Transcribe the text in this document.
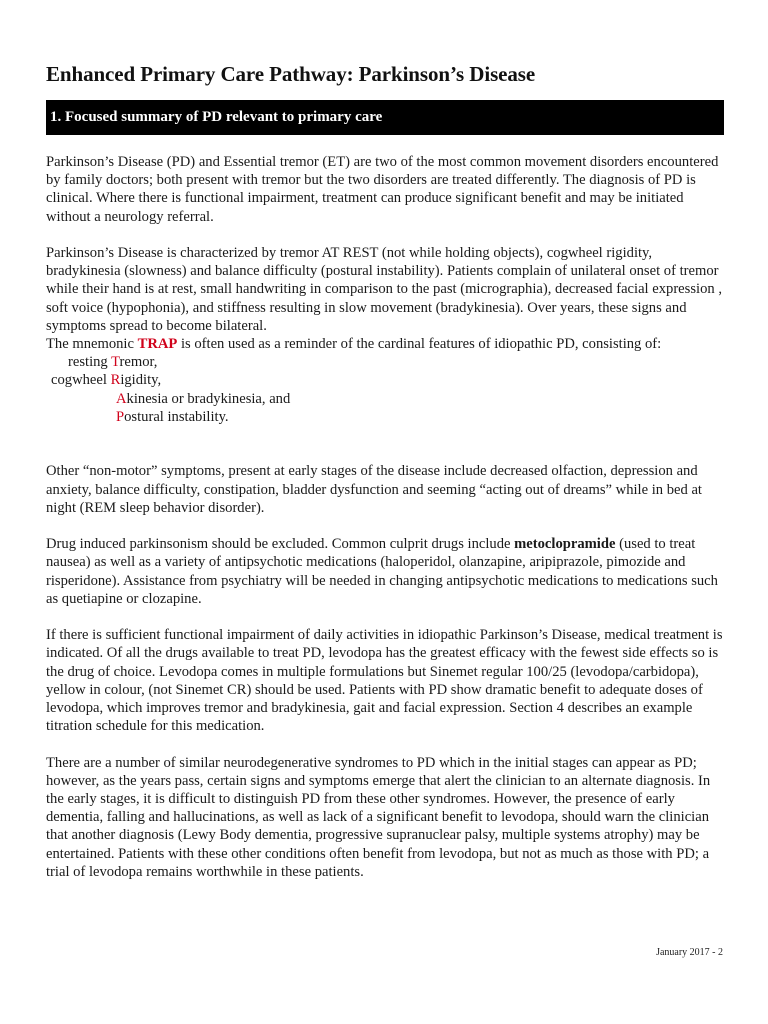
Enhanced Primary Care Pathway: Parkinson’s Disease
1. Focused summary of PD relevant to primary care

Parkinson’s Disease (PD) and Essential tremor (ET) are two of the most common movement disorders encountered by family doctors; both present with tremor but the two disorders are treated differently. The diagnosis of PD is clinical. Where there is functional impairment, treatment can produce significant benefit and may be initiated without a neurology referral.

Parkinson’s Disease is characterized by tremor AT REST (not while holding objects), cogwheel rigidity, bradykinesia (slowness) and balance difficulty (postural instability). Patients complain of unilateral onset of tremor while their hand is at rest, small handwriting in comparison to the past (micrographia), decreased facial expression , soft voice (hypophonia), and stiffness resulting in slow movement (bradykinesia). Over years, these signs and symptoms spread to become bilateral.
The mnemonic TRAP is often used as a reminder of the cardinal features of idiopathic PD, consisting of:
resting Tremor,
cogwheel Rigidity,
Akinesia or bradykinesia, and
Postural instability.

Other “non-motor” symptoms, present at early stages of the disease include decreased olfaction, depression and anxiety, balance difficulty, constipation, bladder dysfunction and seeming “acting out of dreams” while in bed at night (REM sleep behavior disorder).

Drug induced parkinsonism should be excluded. Common culprit drugs include metoclopramide (used to treat nausea) as well as a variety of antipsychotic medications (haloperidol, olanzapine, aripiprazole, pimozide and risperidone). Assistance from psychiatry will be needed in changing antipsychotic medications to medications such as quetiapine or clozapine.

If there is sufficient functional impairment of daily activities in idiopathic Parkinson’s Disease, medical treatment is indicated. Of all the drugs available to treat PD, levodopa has the greatest efficacy with the fewest side effects so is the drug of choice. Levodopa comes in multiple formulations but Sinemet regular 100/25 (levodopa/carbidopa), yellow in colour, (not Sinemet CR) should be used. Patients with PD show dramatic benefit to adequate doses of levodopa, which improves tremor and bradykinesia, gait and facial expression. Section 4 describes an example titration schedule for this medication.

There are a number of similar neurodegenerative syndromes to PD which in the initial stages can appear as PD; however, as the years pass, certain signs and symptoms emerge that alert the clinician to an alternate diagnosis. In the early stages, it is difficult to distinguish PD from these other syndromes. However, the presence of early dementia, falling and hallucinations, as well as lack of a significant benefit to levodopa, should warn the clinician that another diagnosis (Lewy Body dementia, progressive supranuclear palsy, multiple systems atrophy) may be entertained. Patients with these other conditions often benefit from levodopa, but not as much as those with PD; a trial of levodopa remains worthwhile in these patients.

January 2017 - 2
